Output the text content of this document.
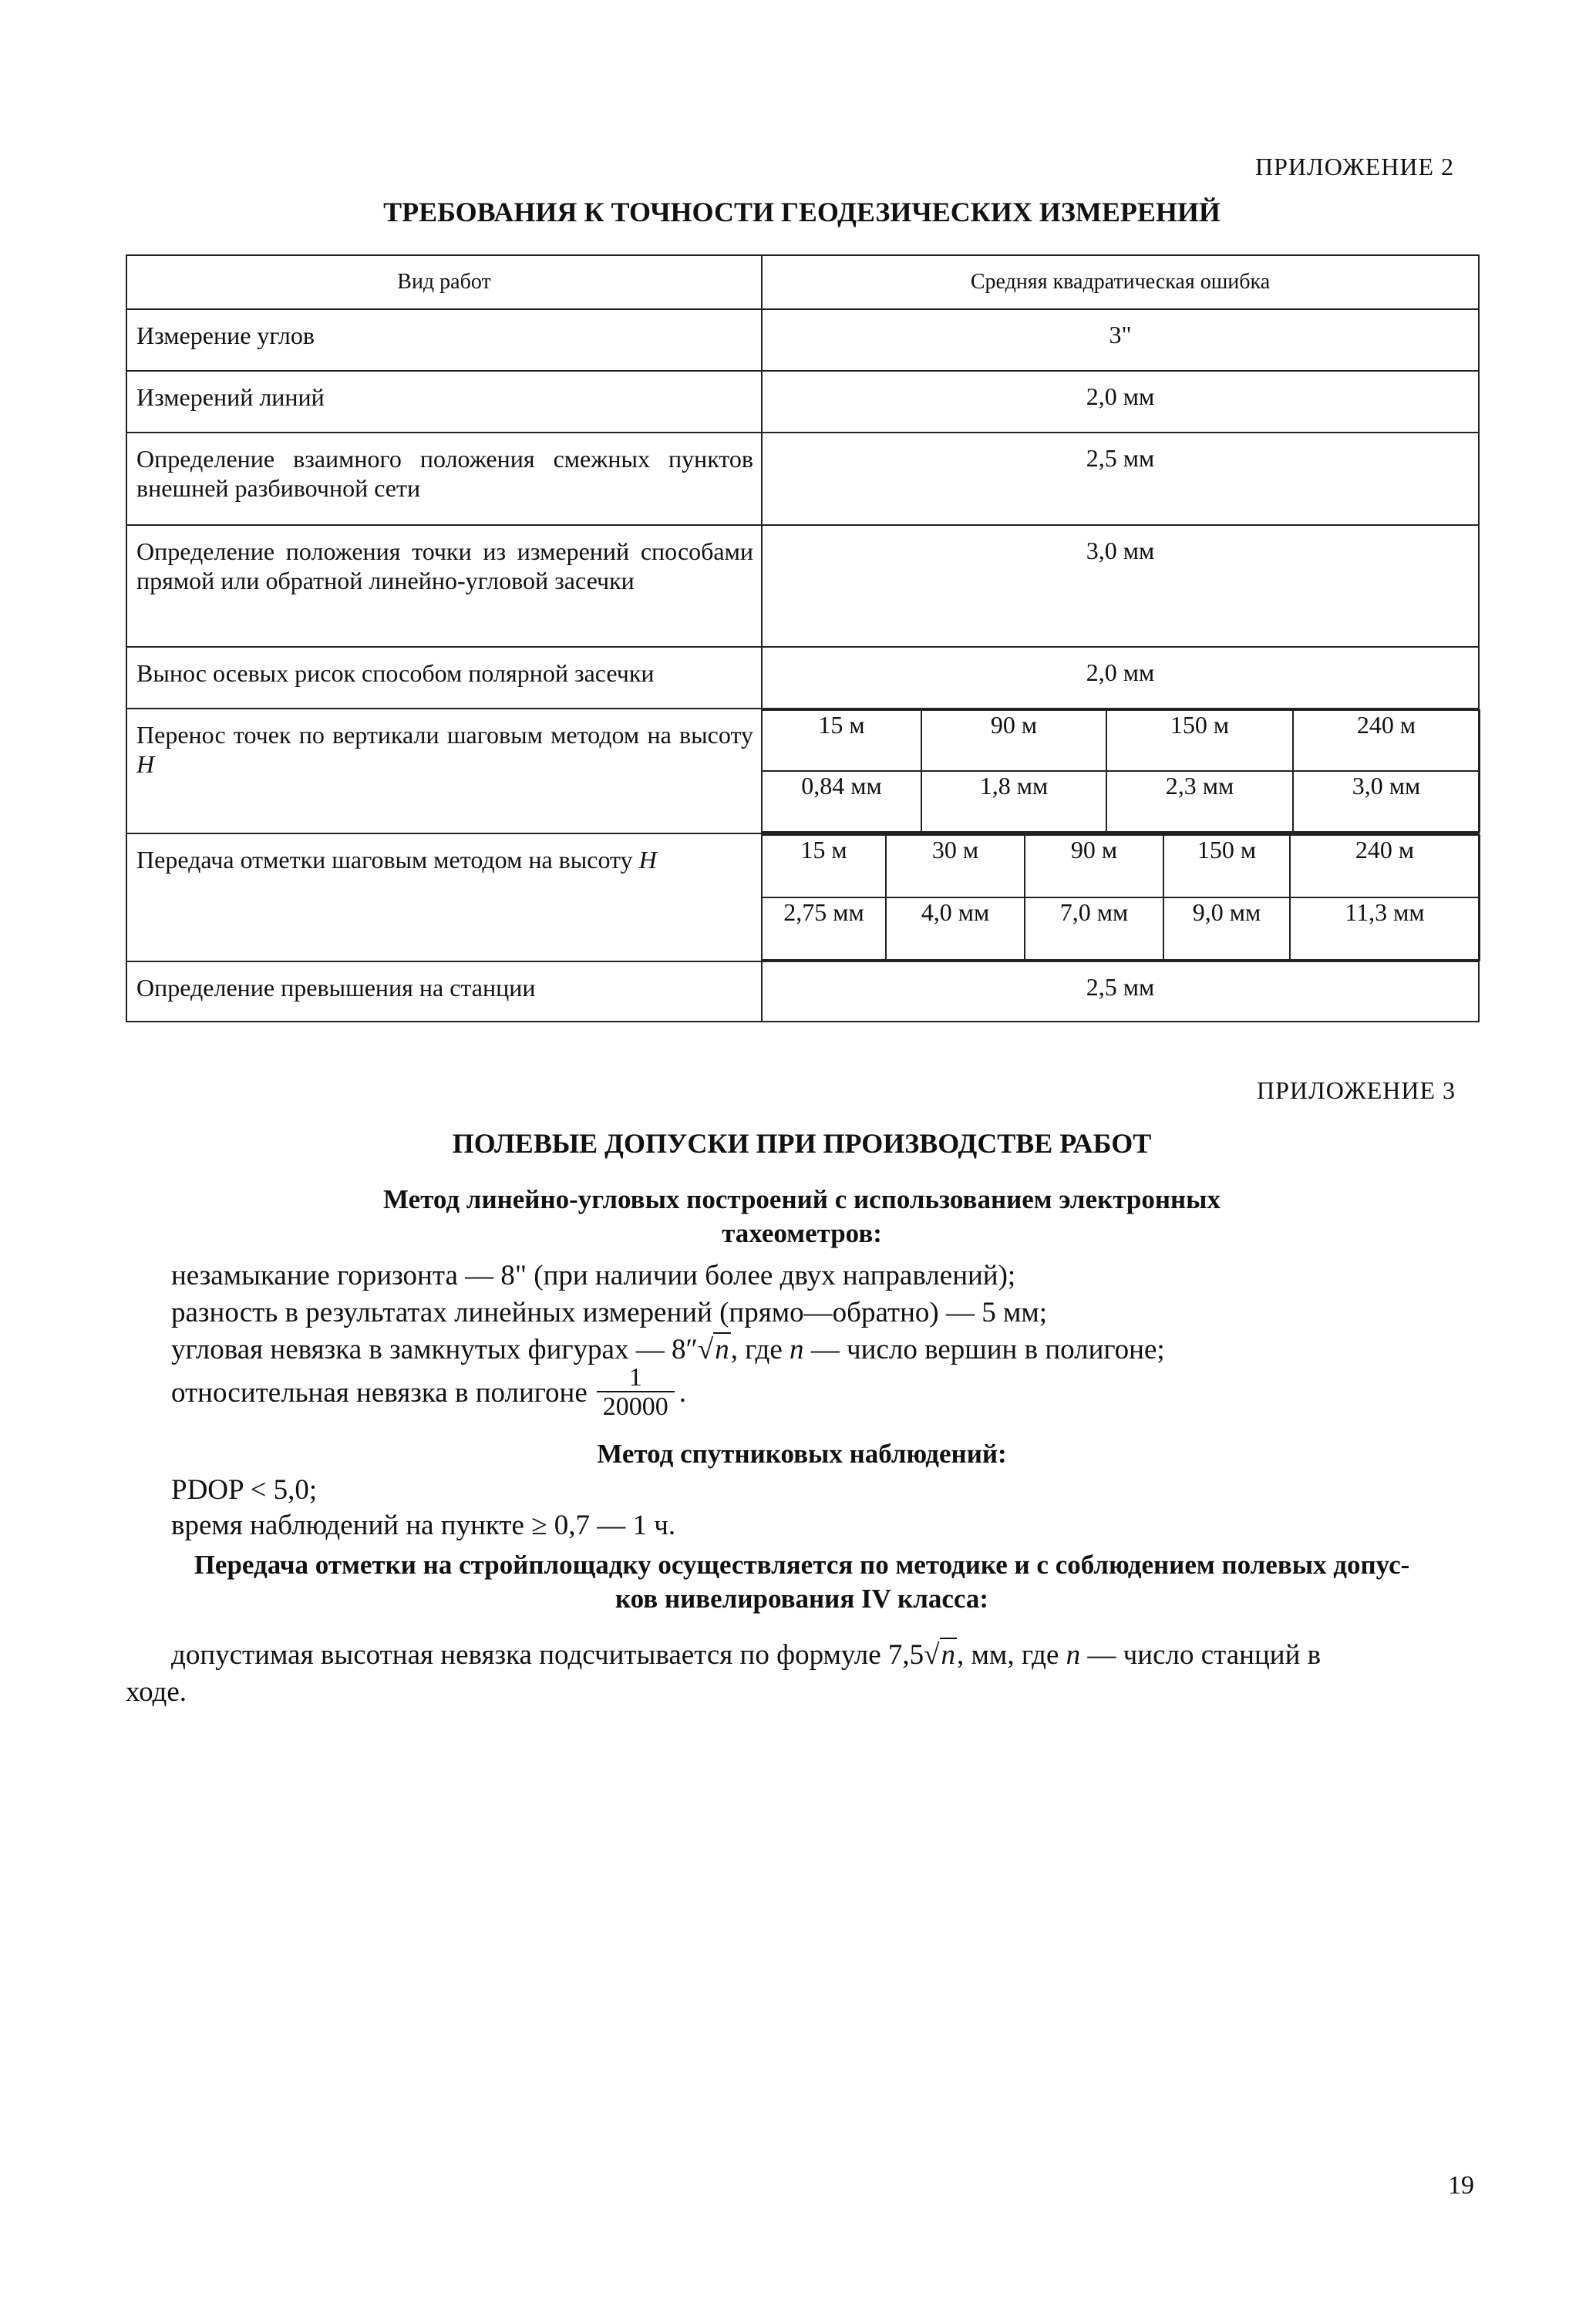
ПРИЛОЖЕНИЕ 2
ТРЕБОВАНИЯ К ТОЧНОСТИ ГЕОДЕЗИЧЕСКИХ ИЗМЕРЕНИЙ
Вид работ	Средняя квадратическая ошибка
Измерение углов	3"
Измерений линий	2,0 мм
Определение взаимного положения смежных пунктов внешней разбивочной сети	2,5 мм
Определение положения точки из измерений способами прямой или обратной линейно-угловой засечки	3,0 мм
Вынос осевых рисок способом полярной засечки	2,0 мм
Перенос точек по вертикали шаговым методом на высоту Н	
15 м	90 м	150 м	240 м
0,84 мм	1,8 мм	2,3 мм	3,0 мм

Передача отметки шаговым методом на высоту Н		15 м	30 м	90 м	150 м	240 м
2,75 мм	4,0 мм	7,0 мм	9,0 мм	11,3 мм

Определение превышения на станции	2,5 мм
ПРИЛОЖЕНИЕ 3
ПОЛЕВЫЕ ДОПУСКИ ПРИ ПРОИЗВОДСТВЕ РАБОТ
Метод линейно-угловых построений с использованием электронных
тахеометров:
незамыкание горизонта — 8" (при наличии более двух направлений);
разность в результатах линейных измерений (прямо—обратно) — 5 мм;
угловая невязка в замкнутых фигурах — 8″√n, где n — число вершин в полигоне;
относительная невязка в полигоне $\frac{1}{20000}$ .
Метод спутниковых наблюдений:
PDOP < 5,0;
время наблюдений на пункте ≥ 0,7 — 1 ч.
Передача отметки на стройплощадку осуществляется по методике и с соблюдением полевых допус-
ков нивелирования IV класса:
допустимая высотная невязка подсчитывается по формуле 7,5√n, мм, где n — число станций в
ходе.
19
